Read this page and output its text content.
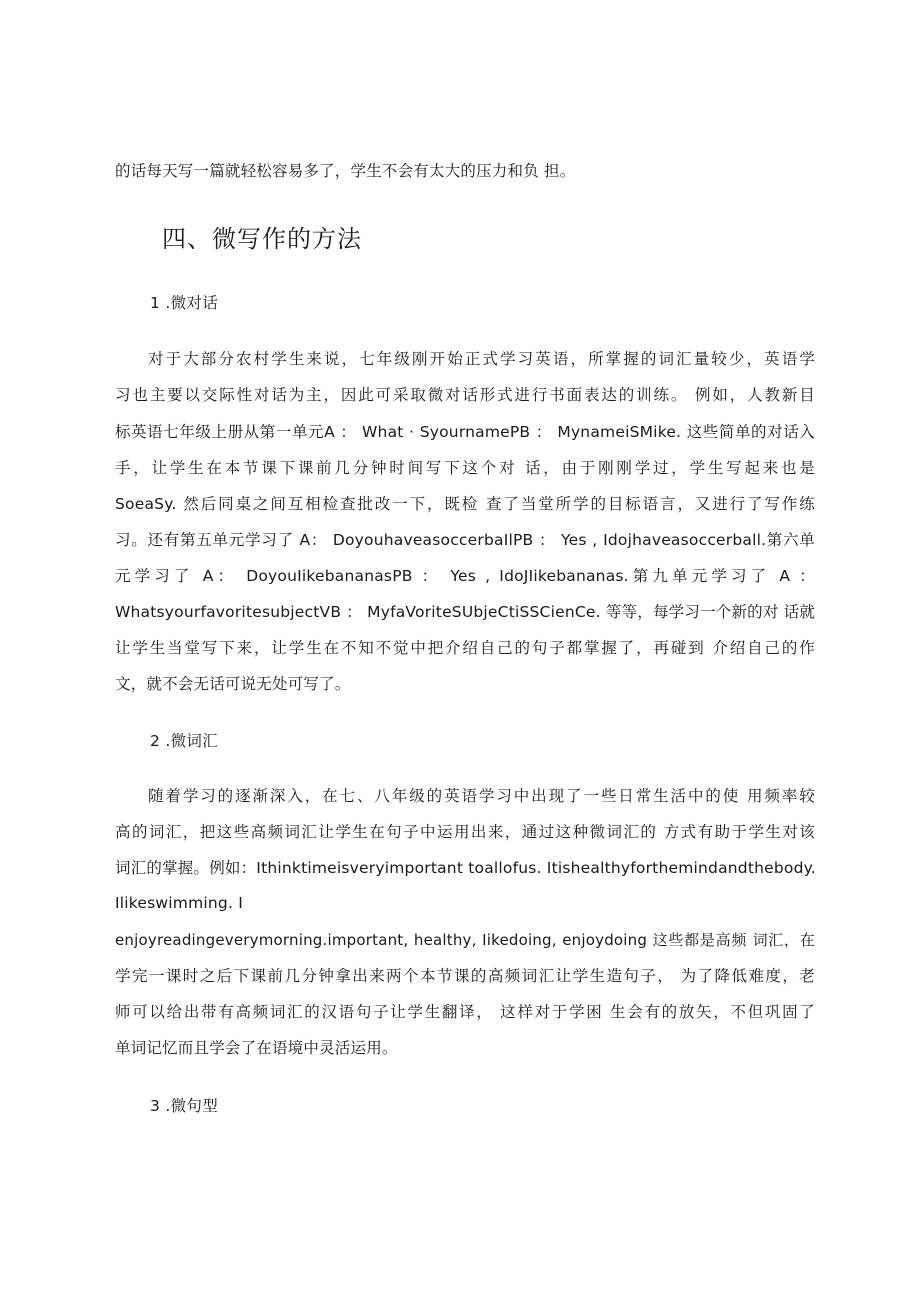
的话每天写一篇就轻松容易多了，学生不会有太大的压力和负 担。
四、微写作的方法
1 .微对话
对于大部分农村学生来说，七年级刚开始正式学习英语，所掌握的词汇量较少，英语学
习也主要以交际性对话为主，因此可采取微对话形式进行书面表达的训练。 例如，人教新目
标英语七年级上册从第一单元A ： What · SyournamePB ： MynameiSMike. 这些简单的对话入
手，让学生在本节课下课前几分钟时间写下这个对 话，由于刚刚学过，学生写起来也是
SoeaSy. 然后同桌之间互相检查批改一下，既检 查了当堂所学的目标语言，又进行了写作练
习。还有第五单元学习了 A： DoyouhaveasoccerbaIlPB ： Yes , Idojhaveasoccerball.第六单
元学习了 A： DoyouIikebananasPB ： Yes , IdoJIikebananas.第九单元学习了 A ：
WhatsyourfavoritesubjectVB ： MyfaVoriteSUbjeCtiSSCienCe. 等等，每学习一个新的对 话就
让学生当堂写下来，让学生在不知不觉中把介绍自己的句子都掌握了，再碰到 介绍自己的作
文，就不会无话可说无处可写了。
2 .微词汇
随着学习的逐渐深入，在七、八年级的英语学习中出现了一些日常生活中的使 用频率较
高的词汇，把这些高频词汇让学生在句子中运用出来，通过这种微词汇的 方式有助于学生对该
词汇的掌握。例如：Ithinktimeisveryimportant toallofus. Itishealthyforthemindandthebody.
Ilikeswimming. I
enjoyreadingeverymorning.important, healthy, Iikedoing, enjoydoing 这些都是高频 词汇，在
学完一课时之后下课前几分钟拿出来两个本节课的高频词汇让学生造句子， 为了降低难度，老
师可以给出带有高频词汇的汉语句子让学生翻译， 这样对于学困 生会有的放矢，不但巩固了
单词记忆而且学会了在语境中灵活运用。
3 .微句型
